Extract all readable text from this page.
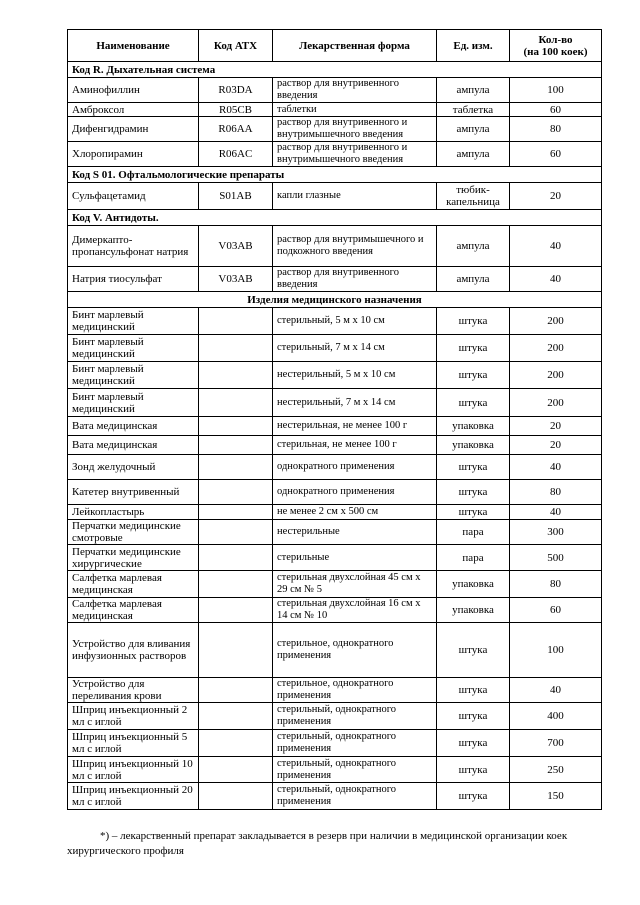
Наименование	Код АТХ	Лекарственная форма	Ед. изм.	Кол-во
(на 100 коек)

Код R. Дыхательная система				
Аминофиллин	R03DA	раствор для внутривенного введения	ампула	100
Амброксол	R05CB	таблетки	таблетка	60
Дифенгидрамин	R06AA	раствор для внутривенного и внутримышечного введения	ампула	80
Хлоропирамин	R06AC	раствор для внутривенного и внутримышечного введения	ампула	60
Код S 01. Офтальмологические препараты				
Сульфацетамид	S01AB	капли глазные	тюбик-капельница	20
Код V. Антидоты.				
Димеркапто-пропансульфонат натрия	V03AB	раствор для внутримышечного и подкожного введения	ампула	40
Натрия тиосульфат	V03AB	раствор для внутривенного введения	ампула	40
Изделия медицинского назначения				
Бинт марлевый медицинский		стерильный, 5 м х 10 см	штука	200
Бинт марлевый медицинский		стерильный, 7 м х 14 см	штука	200
Бинт марлевый медицинский		нестерильный, 5 м х 10 см	штука	200
Бинт марлевый медицинский		нестерильный, 7 м х 14 см	штука	200
Вата медицинская		нестерильная, не менее 100 г	упаковка	20
Вата медицинская		стерильная, не менее 100 г	упаковка	20
Зонд желудочный		однократного применения	штука	40
Катетер внутривенный		однократного применения	штука	80
Лейкопластырь		не менее 2 см х 500 см	штука	40
Перчатки медицинские смотровые		нестерильные	пара	300
Перчатки медицинские хирургические		стерильные	пара	500
Салфетка марлевая медицинская		стерильная двухслойная 45 см х 29 см № 5	упаковка	80
Салфетка марлевая медицинская		стерильная двухслойная 16 см х 14 см № 10	упаковка	60
Устройство для вливания инфузионных растворов		стерильное, однократного применения	штука	100
Устройство для переливания крови		стерильное, однократного применения	штука	40
Шприц инъекционный 2 мл с иглой		стерильный, однократного применения	штука	400
Шприц инъекционный 5 мл с иглой		стерильный, однократного применения	штука	700
Шприц инъекционный 10 мл с иглой		стерильный, однократного применения	штука	250
Шприц инъекционный 20 мл с иглой		стерильный, однократного применения	штука	150
*) – лекарственный препарат закладывается в резерв при наличии в медицинской организации коек
хирургического профиля
